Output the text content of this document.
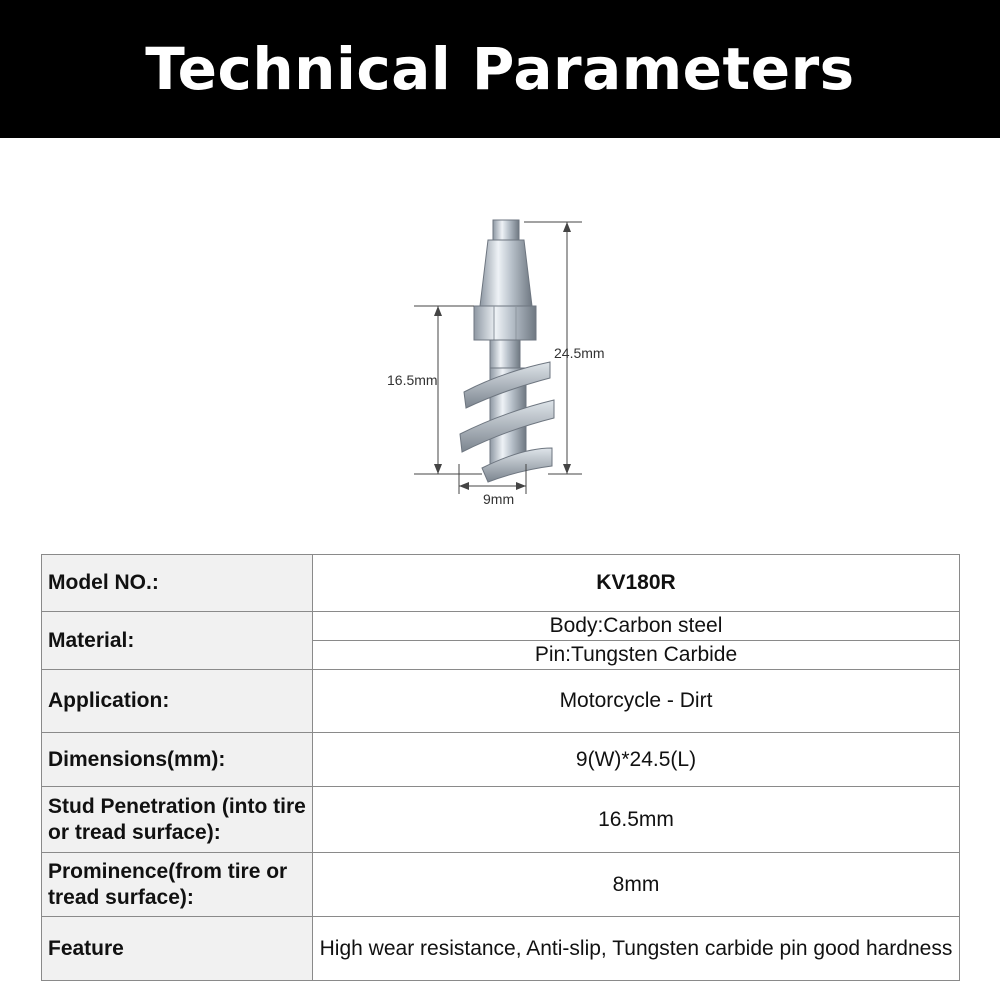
Technical Parameters
24.5mm
16.5mm
9mm
Model NO.:	KV180R
Material:	Body:Carbon steel
	Pin:Tungsten Carbide
Application:	Motorcycle - Dirt
Dimensions(mm):	9(W)*24.5(L)
Stud Penetration (into tire or tread surface):	16.5mm
Prominence(from tire or tread surface):	8mm
Feature	High wear resistance, Anti-slip, Tungsten carbide pin good hardness
